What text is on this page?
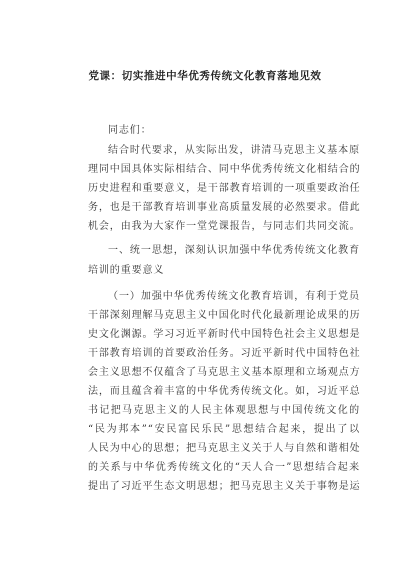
党课：切实推进中华优秀传统文化教育落地见效
同志们：
结合时代要求，从实际出发，讲清马克思主义基本原
理同中国具体实际相结合、同中华优秀传统文化相结合的
历史进程和重要意义，是干部教育培训的一项重要政治任
务，也是干部教育培训事业高质量发展的必然要求。借此
机会，由我为大家作一堂党课报告，与同志们共同交流。
一、统一思想，深刻认识加强中华优秀传统文化教育
培训的重要意义
（一）加强中华优秀传统文化教育培训，有利于党员
干部深刻理解马克思主义中国化时代化最新理论成果的历
史文化渊源。学习习近平新时代中国特色社会主义思想是
干部教育培训的首要政治任务。习近平新时代中国特色社
会主义思想不仅蕴含了马克思主义基本原理和立场观点方
法，而且蕴含着丰富的中华优秀传统文化。如，习近平总
书记把马克思主义的人民主体观思想与中国传统文化的
“民为邦本”“安民富民乐民”思想结合起来，提出了以
人民为中心的思想；把马克思主义关于人与自然和谐相处
的关系与中华优秀传统文化的“天人合一”思想结合起来
提出了习近平生态文明思想；把马克思主义关于事物是运
